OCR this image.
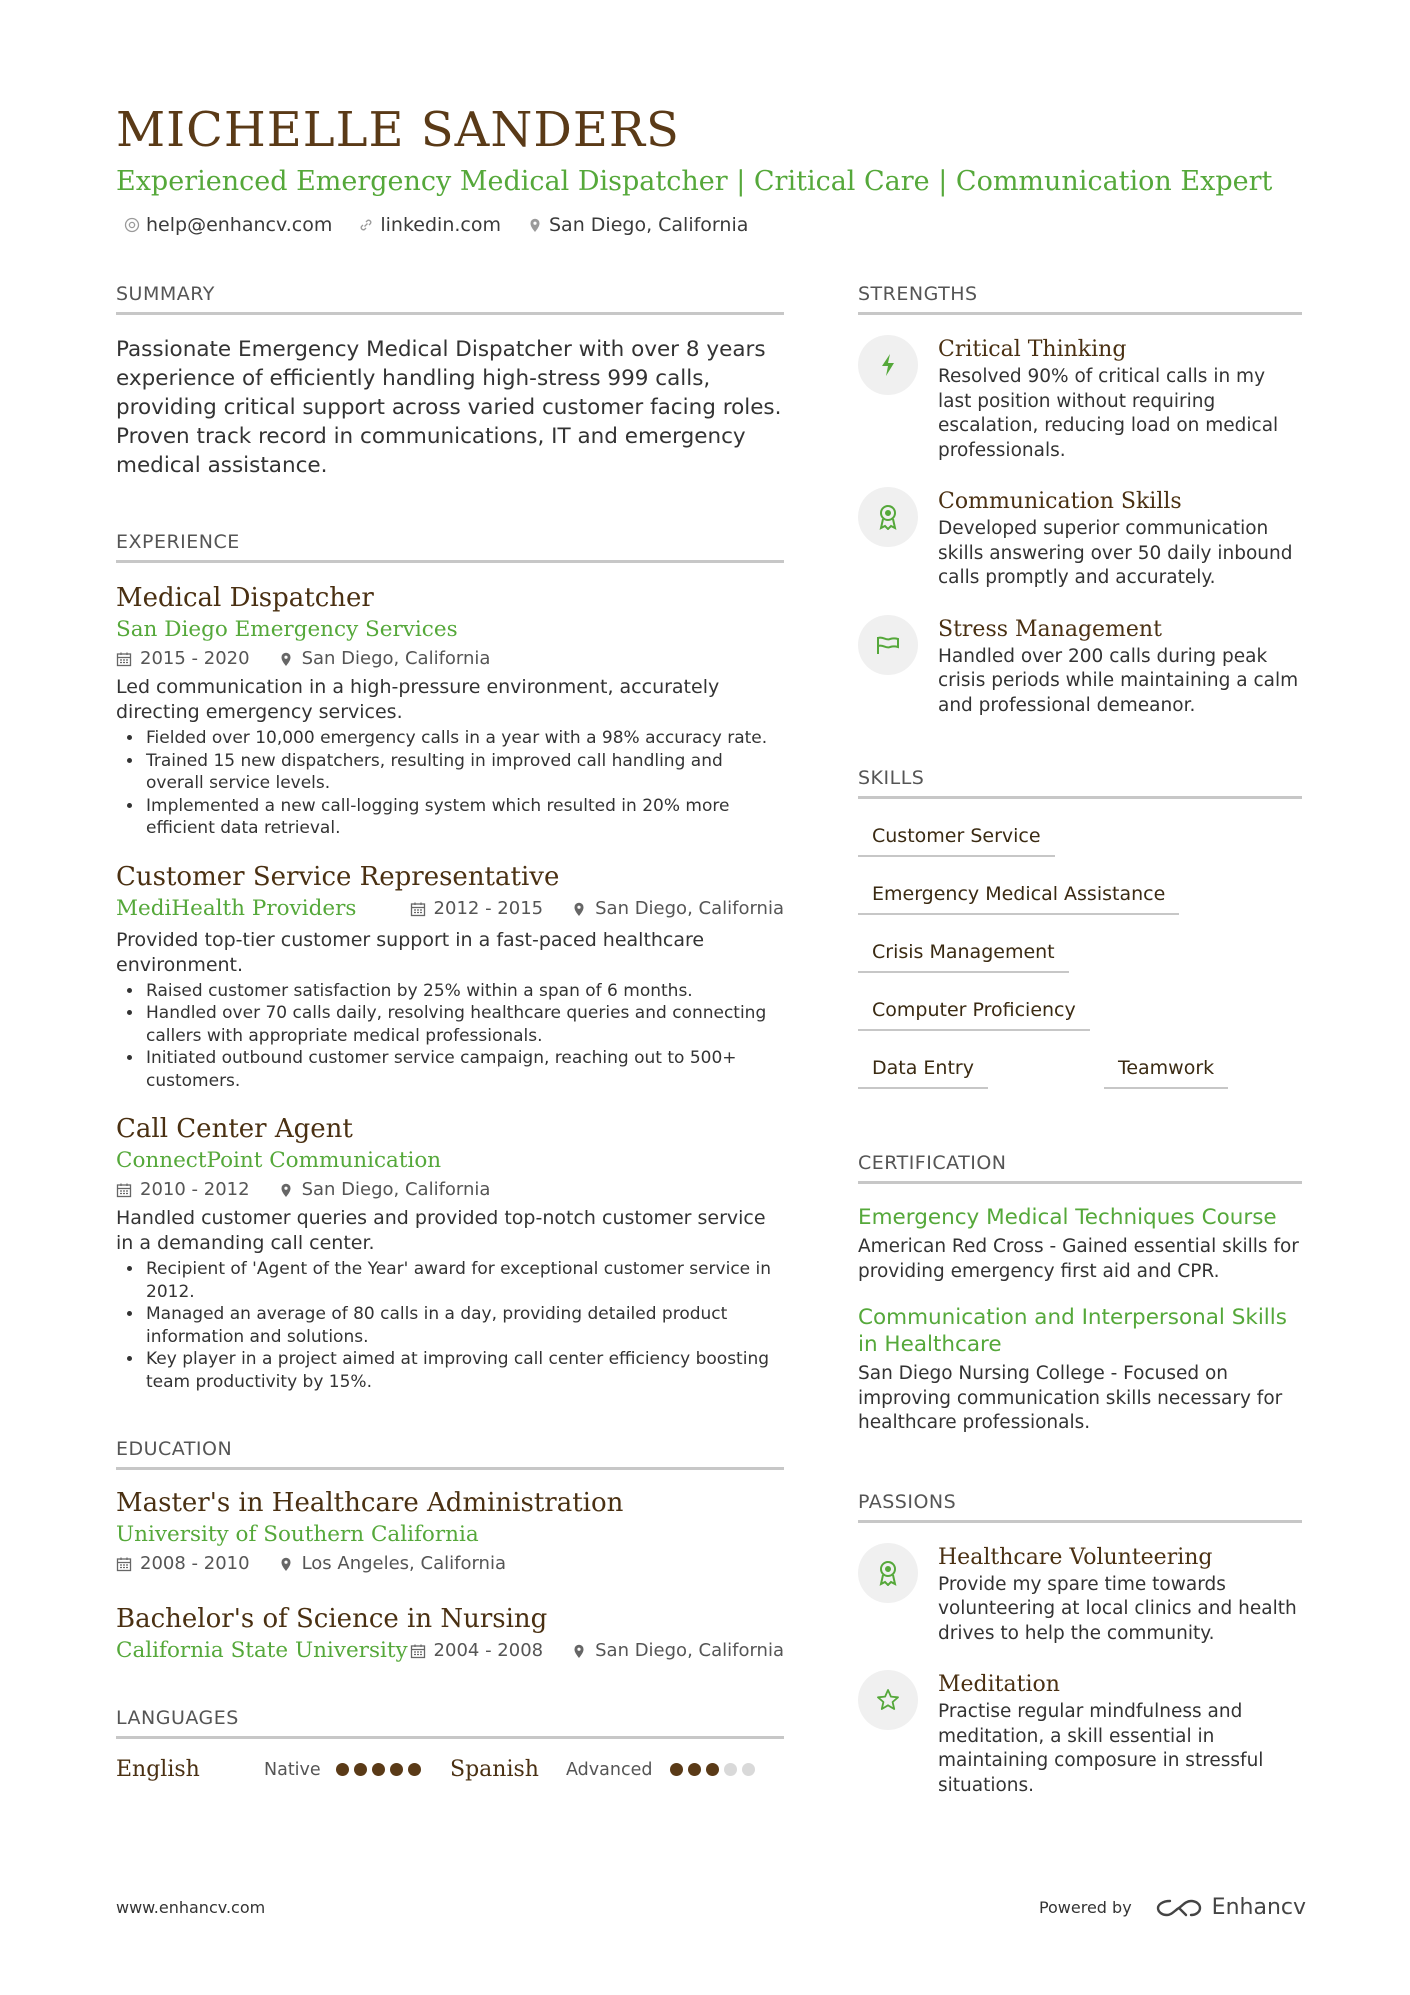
MICHELLE SANDERS
Experienced Emergency Medical Dispatcher | Critical Care | Communication Expert
help@enhancv.com	linkedin.com	San Diego, California
SUMMARY
Passionate Emergency Medical Dispatcher with over 8 years experience of efficiently handling high-stress 999 calls, providing critical support across varied customer facing roles. Proven track record in communications, IT and emergency medical assistance.
EXPERIENCE
Medical Dispatcher
San Diego Emergency Services
2015 - 2020	San Diego, California
Led communication in a high-pressure environment, accurately directing emergency services.
• Fielded over 10,000 emergency calls in a year with a 98% accuracy rate.
• Trained 15 new dispatchers, resulting in improved call handling and overall service levels.
• Implemented a new call-logging system which resulted in 20% more efficient data retrieval.
Customer Service Representative
MediHealth Providers	2012 - 2015	San Diego, California
Provided top-tier customer support in a fast-paced healthcare environment.
• Raised customer satisfaction by 25% within a span of 6 months.
• Handled over 70 calls daily, resolving healthcare queries and connecting callers with appropriate medical professionals.
• Initiated outbound customer service campaign, reaching out to 500+ customers.
Call Center Agent
ConnectPoint Communication
2010 - 2012	San Diego, California
Handled customer queries and provided top-notch customer service in a demanding call center.
• Recipient of 'Agent of the Year' award for exceptional customer service in 2012.
• Managed an average of 80 calls in a day, providing detailed product information and solutions.
• Key player in a project aimed at improving call center efficiency boosting team productivity by 15%.
EDUCATION
Master's in Healthcare Administration
University of Southern California
2008 - 2010	Los Angeles, California
Bachelor's of Science in Nursing
California State University 2004 - 2008	San Diego, California
LANGUAGES
English	Native	Spanish	Advanced
STRENGTHS
Critical Thinking
Resolved 90% of critical calls in my last position without requiring escalation, reducing load on medical professionals.
Communication Skills
Developed superior communication skills answering over 50 daily inbound calls promptly and accurately.
Stress Management
Handled over 200 calls during peak crisis periods while maintaining a calm and professional demeanor.
SKILLS
Customer Service
Emergency Medical Assistance
Crisis Management
Computer Proficiency
Data Entry	Teamwork
CERTIFICATION
Emergency Medical Techniques Course
American Red Cross - Gained essential skills for providing emergency first aid and CPR.
Communication and Interpersonal Skills in Healthcare
San Diego Nursing College - Focused on improving communication skills necessary for healthcare professionals.
PASSIONS
Healthcare Volunteering
Provide my spare time towards volunteering at local clinics and health drives to help the community.
Meditation
Practise regular mindfulness and meditation, a skill essential in maintaining composure in stressful situations.
www.enhancv.com	Powered by	Enhancv
